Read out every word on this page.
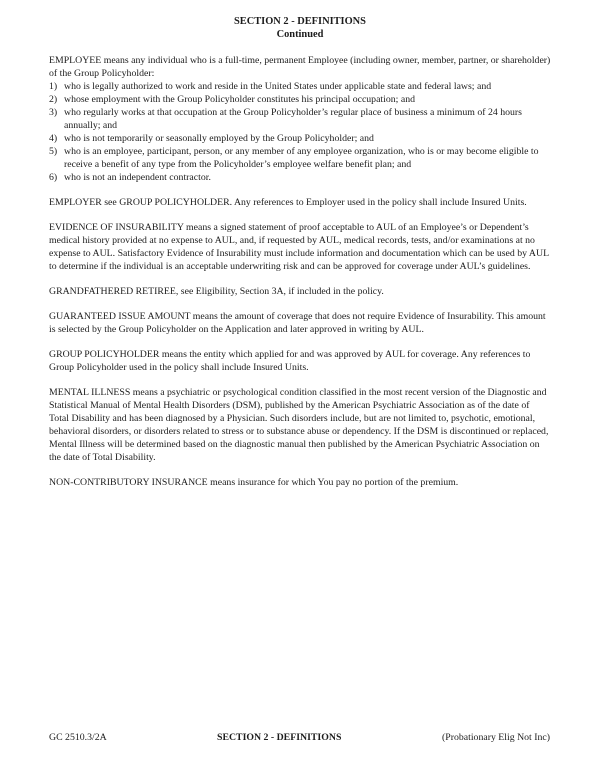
SECTION 2 - DEFINITIONS
Continued

EMPLOYEE means any individual who is a full-time, permanent Employee (including owner, member, partner, or shareholder) of the Group Policyholder:

1) who is legally authorized to work and reside in the United States under applicable state and federal laws; and
2) whose employment with the Group Policyholder constitutes his principal occupation; and
3) who regularly works at that occupation at the Group Policyholder’s regular place of business a minimum of 24 hours annually; and
4) who is not temporarily or seasonally employed by the Group Policyholder; and
5) who is an employee, participant, person, or any member of any employee organization, who is or may become eligible to receive a benefit of any type from the Policyholder’s employee welfare benefit plan; and
6) who is not an independent contractor.

EMPLOYER see GROUP POLICYHOLDER. Any references to Employer used in the policy shall include Insured Units.

EVIDENCE OF INSURABILITY means a signed statement of proof acceptable to AUL of an Employee’s or Dependent’s medical history provided at no expense to AUL, and, if requested by AUL, medical records, tests, and/or examinations at no expense to AUL. Satisfactory Evidence of Insurability must include information and documentation which can be used by AUL to determine if the individual is an acceptable underwriting risk and can be approved for coverage under AUL’s guidelines.

GRANDFATHERED RETIREE, see Eligibility, Section 3A, if included in the policy.

GUARANTEED ISSUE AMOUNT means the amount of coverage that does not require Evidence of Insurability. This amount is selected by the Group Policyholder on the Application and later approved in writing by AUL.

GROUP POLICYHOLDER means the entity which applied for and was approved by AUL for coverage. Any references to Group Policyholder used in the policy shall include Insured Units.

MENTAL ILLNESS means a psychiatric or psychological condition classified in the most recent version of the Diagnostic and Statistical Manual of Mental Health Disorders (DSM), published by the American Psychiatric Association as of the date of Total Disability and has been diagnosed by a Physician. Such disorders include, but are not limited to, psychotic, emotional, behavioral disorders, or disorders related to stress or to substance abuse or dependency. If the DSM is discontinued or replaced, Mental Illness will be determined based on the diagnostic manual then published by the American Psychiatric Association on the date of Total Disability.

NON-CONTRIBUTORY INSURANCE means insurance for which You pay no portion of the premium.

GC 2510.3/2A	SECTION 2 - DEFINITIONS	(Probationary Elig Not Inc)
